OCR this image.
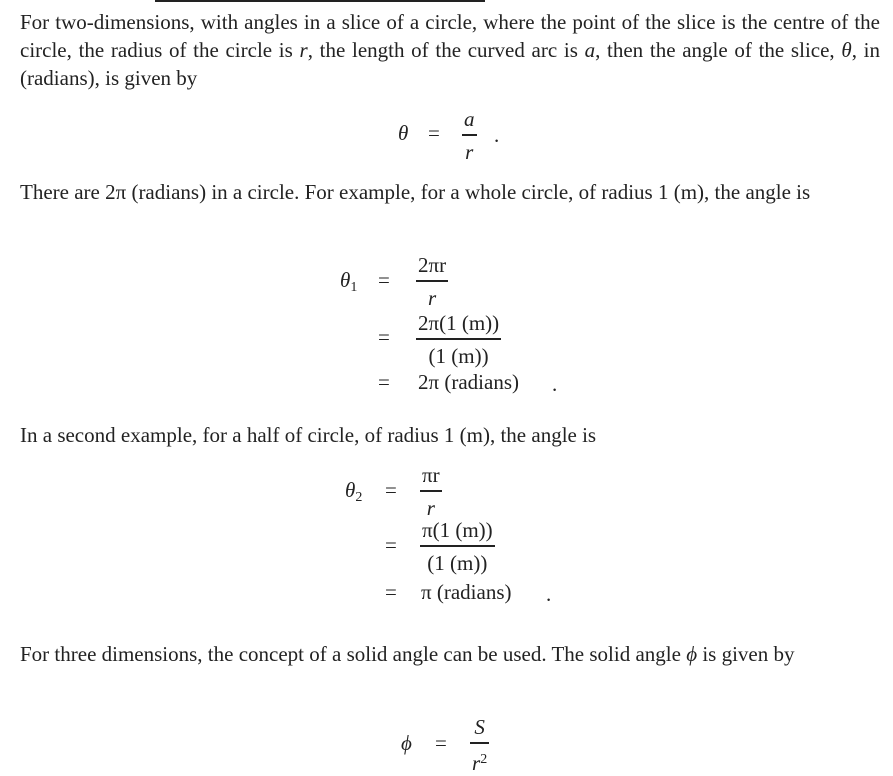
For two-dimensions, with angles in a slice of a circle, where the point of the slice is the centre of the circle, the radius of the circle is r, the length of the curved arc is a, then the angle of the slice, θ, in (radians), is given by
θ =
a
r
.
There are 2π (radians) in a circle. For example, for a whole circle, of radius 1 (m), the angle is
$\theta_1$ =
2πr
r
=
2π(1 (m))
(1 (m))
= 2π (radians) .
In a second example, for a half of circle, of radius 1 (m), the angle is
$\theta_2$ =
πr
r
=
π(1 (m))
(1 (m))
= π (radians) .
For three dimensions, the concept of a solid angle can be used. The solid angle ϕ is given by
ϕ =
S
$r^2$
